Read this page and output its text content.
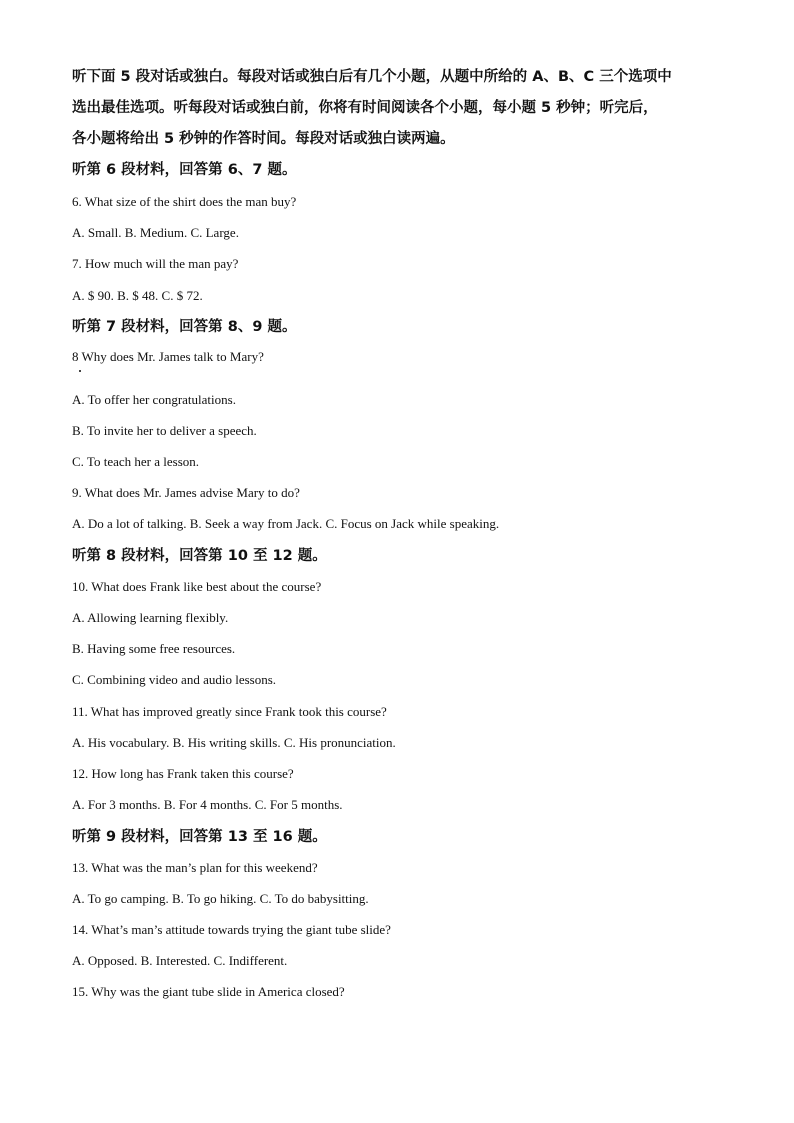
听下面 5 段对话或独白。每段对话或独白后有几个小题，从题中所给的 A、B、C 三个选项中
选出最佳选项。听每段对话或独白前，你将有时间阅读各个小题，每小题 5 秒钟；听完后，
各小题将给出 5 秒钟的作答时间。每段对话或独白读两遍。
听第 6 段材料，回答第 6、7 题。
6. What size of the shirt does the man buy?
A. Small. B. Medium. C. Large.
7. How much will the man pay?
A. $ 90. B. $ 48. C. $ 72.
听第 7 段材料，回答第 8、9 题。
8 Why does Mr. James talk to Mary?
A. To offer her congratulations.
B. To invite her to deliver a speech.
C. To teach her a lesson.
9. What does Mr. James advise Mary to do?
A. Do a lot of talking. B. Seek a way from Jack. C. Focus on Jack while speaking.
听第 8 段材料，回答第 10 至 12 题。
10. What does Frank like best about the course?
A. Allowing learning flexibly.
B. Having some free resources.
C. Combining video and audio lessons.
11. What has improved greatly since Frank took this course?
A. His vocabulary. B. His writing skills. C. His pronunciation.
12. How long has Frank taken this course?
A. For 3 months. B. For 4 months. C. For 5 months.
听第 9 段材料，回答第 13 至 16 题。
13. What was the man’s plan for this weekend?
A. To go camping. B. To go hiking. C. To do babysitting.
14. What’s man’s attitude towards trying the giant tube slide?
A. Opposed. B. Interested. C. Indifferent.
15. Why was the giant tube slide in America closed?
